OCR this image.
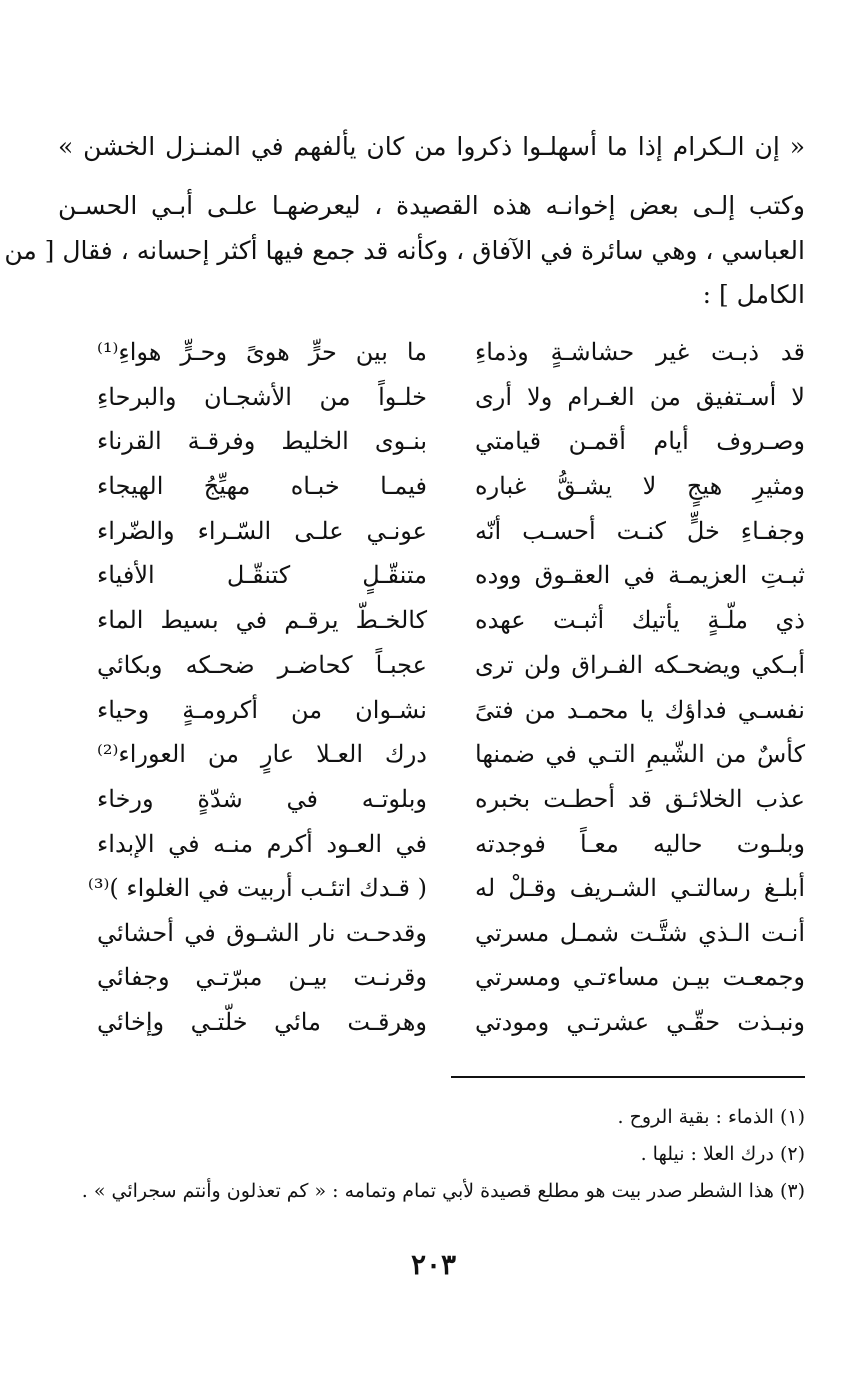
« إن الـكرام إذا ما أسهلـوا ذكروا من كان يألفهم في المنـزل الخشن »
وكتب إلـى بعض إخوانـه هذه القصيدة ، ليعرضهـا علـى أبـي الحسـن
العباسي ، وهي سائرة في الآفاق ، وكأنه قد جمع فيها أكثر إحسانه ، فقال [ من
الكامل ] :
قد ذبـت غير حشاشـةٍ وذماءِ
ما بين حرٍّ هوىً وحـرٍّ هواءِ⁽¹⁾
لا أسـتفيق من الغـرام ولا أرى
خلـواً من الأشجـان والبرحاءِ
وصـروف أيام أقمـن قيامتي
بنـوى الخليط وفرقـة القرناء
ومثيرِ هيجٍ لا يشـقُّ غباره
فيمـا خبـاه مهيِّجُ الهيجاء
وجفـاءِ خلٍّ كنـت أحسـب أنّه
عونـي علـى السّـراء والضّراء
ثبـتِ العزيمـة في العقـوق ووده
متنقّـلٍ كتنقّـل الأفياء
ذي ملّـةٍ يأتيك أثبـت عهده
كالخـطّ يرقـم في بسيط الماء
أبـكي ويضحـكه الفـراق ولن ترى
عجبـاً كحاضـر ضحـكه وبكائي
نفسـي فداؤك يا محمـد من فتىً
نشـوان من أكرومـةٍ وحياء
كأسٌ من الشّيمِ التـي في ضمنها
درك العـلا عارٍ من العوراء⁽²⁾
عذب الخلائـق قد أحطـت بخبره
وبلوتـه في شدّةٍ ورخاء
وبلـوت حاليه معـاً فوجدته
في العـود أكرم منـه في الإبداء
أبلـغ رسالتـي الشـريف وقـلْ له
( قـدك اتئـب أربيت في الغلواء )⁽³⁾
أنـت الـذي شتَّـت شمـل مسرتي
وقدحـت نار الشـوق في أحشائي
وجمعـت بيـن مساءتـي ومسرتي
وقرنـت بيـن مبرّتـي وجفائي
ونبـذت حقّـي عشرتـي ومودتي
وهرقـت مائي خلّتـي وإخائي
(١) الذماء : بقية الروح .
(٢) درك العلا : نيلها .
(٣) هذا الشطر صدر بيت هو مطلع قصيدة لأبي تمام وتمامه : « كم تعذلون وأنتم سجرائي » .
٢٠٣
